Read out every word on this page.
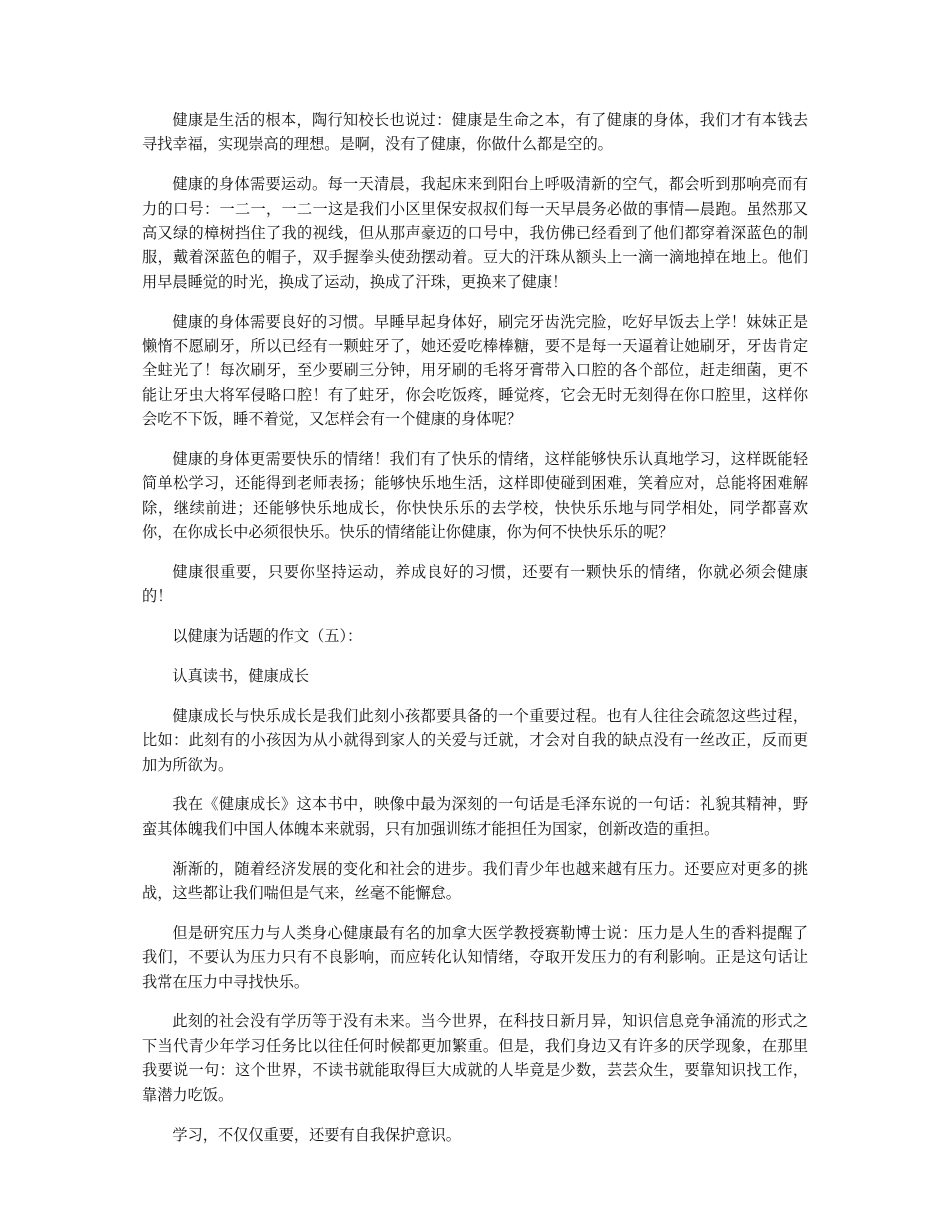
健康是生活的根本，陶行知校长也说过：健康是生命之本，有了健康的身体，我们才有本钱去寻找幸福，实现崇高的理想。是啊，没有了健康，你做什么都是空的。

健康的身体需要运动。每一天清晨，我起床来到阳台上呼吸清新的空气，都会听到那响亮而有力的口号：一二一，一二一这是我们小区里保安叔叔们每一天早晨务必做的事情—晨跑。虽然那又高又绿的樟树挡住了我的视线，但从那声豪迈的口号中，我仿佛已经看到了他们都穿着深蓝色的制服，戴着深蓝色的帽子，双手握拳头使劲摆动着。豆大的汗珠从额头上一滴一滴地掉在地上。他们用早晨睡觉的时光，换成了运动，换成了汗珠，更换来了健康！

健康的身体需要良好的习惯。早睡早起身体好，刷完牙齿洗完脸，吃好早饭去上学！妹妹正是懒惰不愿刷牙，所以已经有一颗蛀牙了，她还爱吃棒棒糖，要不是每一天逼着让她刷牙，牙齿肯定全蛀光了！每次刷牙，至少要刷三分钟，用牙刷的毛将牙膏带入口腔的各个部位，赶走细菌，更不能让牙虫大将军侵略口腔！有了蛀牙，你会吃饭疼，睡觉疼，它会无时无刻得在你口腔里，这样你会吃不下饭，睡不着觉，又怎样会有一个健康的身体呢？

健康的身体更需要快乐的情绪！我们有了快乐的情绪，这样能够快乐认真地学习，这样既能轻简单松学习，还能得到老师表扬；能够快乐地生活，这样即使碰到困难，笑着应对，总能将困难解除，继续前进；还能够快乐地成长，你快快乐乐的去学校，快快乐乐地与同学相处，同学都喜欢你，在你成长中必须很快乐。快乐的情绪能让你健康，你为何不快快乐乐的呢？

健康很重要，只要你坚持运动，养成良好的习惯，还要有一颗快乐的情绪，你就必须会健康的！

以健康为话题的作文（五）：

认真读书，健康成长

健康成长与快乐成长是我们此刻小孩都要具备的一个重要过程。也有人往往会疏忽这些过程，比如：此刻有的小孩因为从小就得到家人的关爱与迁就，才会对自我的缺点没有一丝改正，反而更加为所欲为。

我在《健康成长》这本书中，映像中最为深刻的一句话是毛泽东说的一句话：礼貌其精神，野蛮其体魄我们中国人体魄本来就弱，只有加强训练才能担任为国家，创新改造的重担。

渐渐的，随着经济发展的变化和社会的进步。我们青少年也越来越有压力。还要应对更多的挑战，这些都让我们喘但是气来，丝毫不能懈怠。

但是研究压力与人类身心健康最有名的加拿大医学教授赛勒博士说：压力是人生的香料提醒了我们，不要认为压力只有不良影响，而应转化认知情绪，夺取开发压力的有利影响。正是这句话让我常在压力中寻找快乐。

此刻的社会没有学历等于没有未来。当今世界，在科技日新月异，知识信息竞争涌流的形式之下当代青少年学习任务比以往任何时候都更加繁重。但是，我们身边又有许多的厌学现象，在那里我要说一句：这个世界，不读书就能取得巨大成就的人毕竟是少数，芸芸众生，要靠知识找工作，靠潜力吃饭。

学习，不仅仅重要，还要有自我保护意识。
